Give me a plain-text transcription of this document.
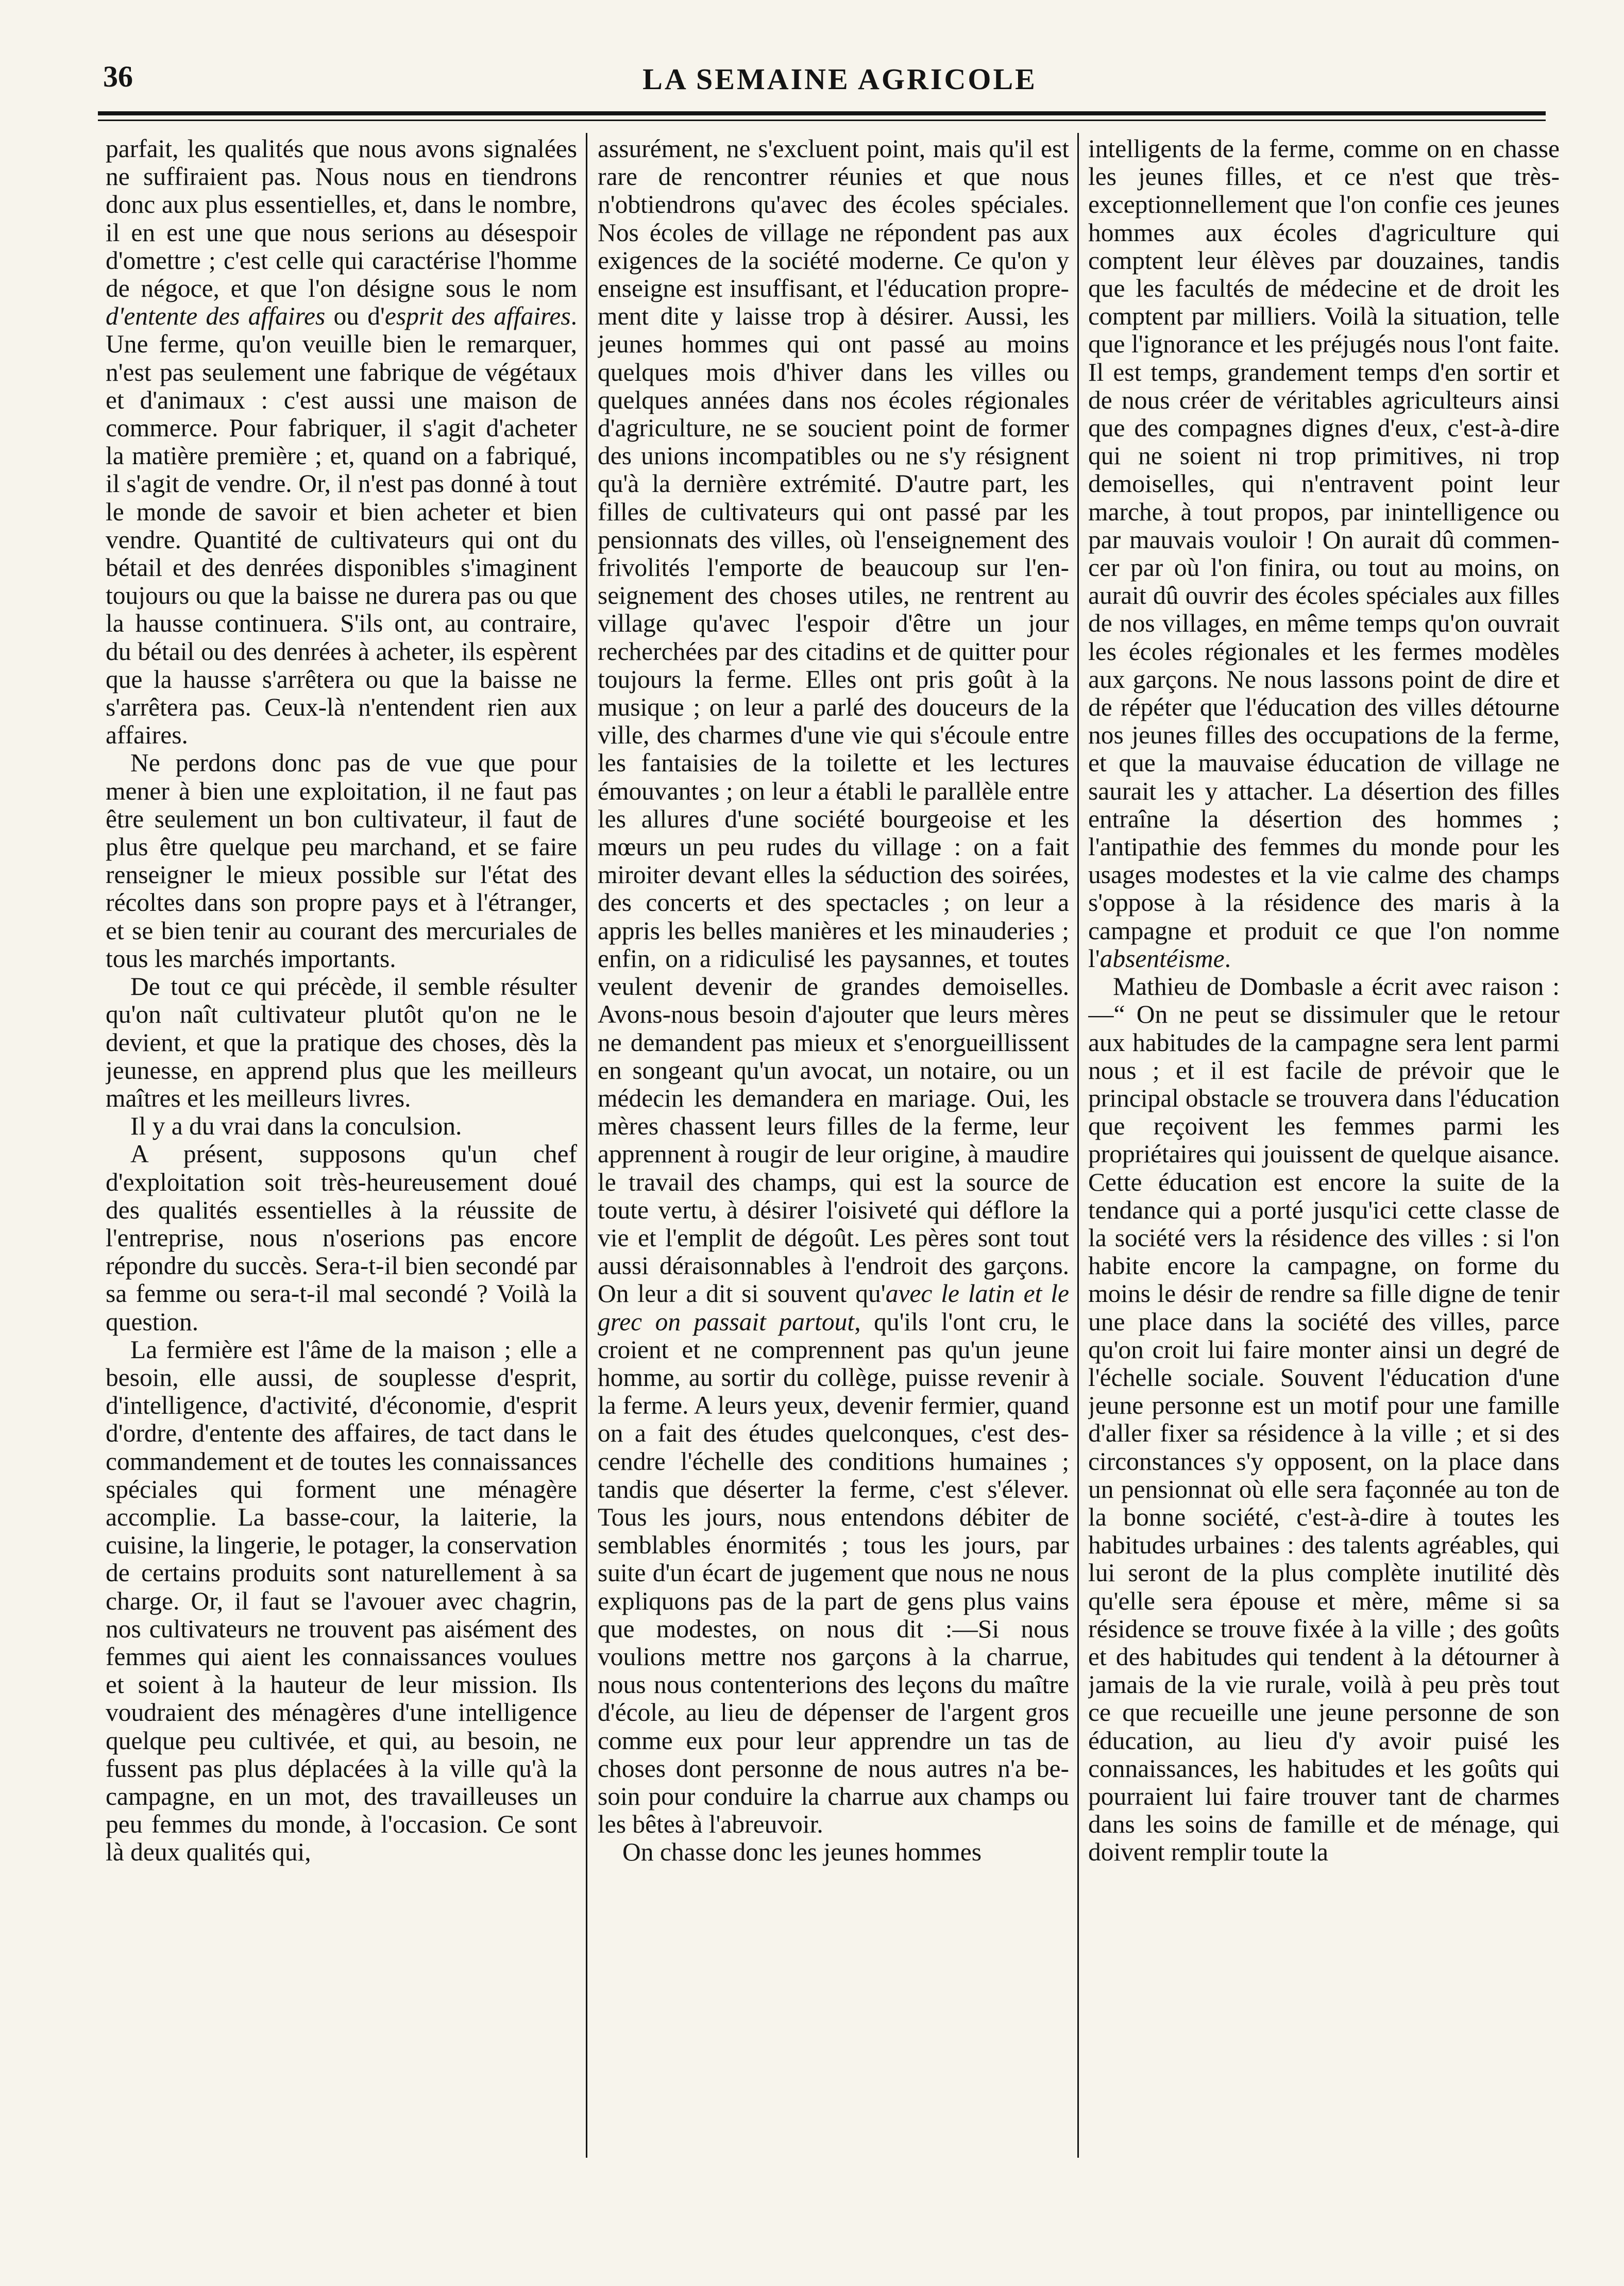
36	LA SEMAINE AGRICOLE

parfait, les qualités que nous avons signalées ne suffiraient pas. Nous nous en tiendrons donc aux plus essentielles, et, dans le nombre, il en est une que nous serions au désespoir d'omettre ; c'est celle qui caractérise l'homme de négoce, et que l'on désigne sous le nom d'entente des affaires ou d'esprit des affaires. Une ferme, qu'on veuille bien le remarquer, n'est pas seulement une fabrique de végétaux et d'animaux : c'est aussi une maison de commerce. Pour fabriquer, il s'agit d'acheter la matière première ; et, quand on a fabriqué, il s'agit de vendre. Or, il n'est pas donné à tout le monde de savoir et bien acheter et bien vendre. Quantité de cultivateurs qui ont du bétail et des denrées disponibles s'imaginent toujours ou que la baisse ne durera pas ou que la hausse continuera. S'ils ont, au contraire, du bétail ou des denrées à acheter, ils espèrent que la hausse s'arrêtera ou que la baisse ne s'arrêtera pas. Ceux-là n'entendent rien aux affaires.

Ne perdons donc pas de vue que pour mener à bien une exploitation, il ne faut pas être seulement un bon cultivateur, il faut de plus être quelque peu marchand, et se faire renseigner le mieux possible sur l'état des récoltes dans son propre pays et à l'étranger, et se bien tenir au courant des mercuriales de tous les marchés importants.

De tout ce qui précède, il semble résulter qu'on naît cultivateur plutôt qu'on ne le devient, et que la pratique des choses, dès la jeunesse, en apprend plus que les meilleurs maîtres et les meilleurs livres.

Il y a du vrai dans la conculsion.

A présent, supposons qu'un chef d'exploitation soit très-heureusement doué des qualités essentielles à la réussite de l'entreprise, nous n'oserions pas encore répondre du succès. Sera-t-il bien secondé par sa femme ou sera-t-il mal secondé ? Voilà la question.

La fermière est l'âme de la maison ; elle a besoin, elle aussi, de souplesse d'esprit, d'intelligence, d'activité, d'économie, d'esprit d'ordre, d'entente des affaires, de tact dans le commandement et de toutes les connaissances spéciales qui forment une ménagère accomplie. La basse-cour, la laiterie, la cuisine, la lingerie, le potager, la conservation de certains produits sont naturellement à sa charge. Or, il faut se l'avouer avec chagrin, nos cultivateurs ne trouvent pas aisément des femmes qui aient les connaissances voulues et soient à la hauteur de leur mission. Ils voudraient des ménagères d'une intelligence quelque peu cultivée, et qui, au besoin, ne fussent pas plus déplacées à la ville qu'à la campagne, en un mot, des travailleuses un peu femmes du monde, à l'occasion. Ce sont là deux qualités qui,

assurément, ne s'excluent point, mais qu'il est rare de rencontrer réunies et que nous n'obtiendrons qu'avec des écoles spéciales. Nos écoles de village ne répondent pas aux exigences de la société moderne. Ce qu'on y enseigne est insuffisant, et l'éducation proprement dite y laisse trop à désirer. Aussi, les jeunes hommes qui ont passé au moins quelques mois d'hiver dans les villes ou quelques années dans nos écoles régionales d'agriculture, ne se soucient point de former des unions incompatibles ou ne s'y résignent qu'à la dernière extrémité. D'autre part, les filles de cultivateurs qui ont passé par les pensionnats des villes, où l'enseignement des frivolités l'emporte de beaucoup sur l'enseignement des choses utiles, ne rentrent au village qu'avec l'espoir d'être un jour recherchées par des citadins et de quitter pour toujours la ferme. Elles ont pris goût à la musique ; on leur a parlé des douceurs de la ville, des charmes d'une vie qui s'écoule entre les fantaisies de la toilette et les lectures émouvantes ; on leur a établi le parallèle entre les allures d'une société bourgeoise et les mœurs un peu rudes du village : on a fait miroiter devant elles la séduction des soirées, des concerts et des spectacles ; on leur a appris les belles manières et les minauderies ; enfin, on a ridiculisé les paysannes, et toutes veulent devenir de grandes demoiselles. Avons-nous besoin d'ajouter que leurs mères ne demandent pas mieux et s'enorgueillissent en songeant qu'un avocat, un notaire, ou un médecin les demandera en mariage. Oui, les mères chassent leurs filles de la ferme, leur apprennent à rougir de leur origine, à maudire le travail des champs, qui est la source de toute vertu, à désirer l'oisiveté qui déflore la vie et l'emplit de dégoût. Les pères sont tout aussi déraisonnables à l'endroit des garçons. On leur a dit si souvent qu'avec le latin et le grec on passait partout, qu'ils l'ont cru, le croient et ne comprennent pas qu'un jeune homme, au sortir du collège, puisse revenir à la ferme. A leurs yeux, devenir fermier, quand on a fait des études quelconques, c'est descendre l'échelle des conditions humaines ; tandis que déserter la ferme, c'est s'élever. Tous les jours, nous entendons débiter de semblables énormités ; tous les jours, par suite d'un écart de jugement que nous ne nous expliquons pas de la part de gens plus vains que modestes, on nous dit :—Si nous voulions mettre nos garçons à la charrue, nous nous contenterions des leçons du maître d'école, au lieu de dépenser de l'argent gros comme eux pour leur apprendre un tas de choses dont personne de nous autres n'a besoin pour conduire la charrue aux champs ou les bêtes à l'abreuvoir.

On chasse donc les jeunes hommes

intelligents de la ferme, comme on en chasse les jeunes filles, et ce n'est que très-exceptionnellement que l'on confie ces jeunes hommes aux écoles d'agriculture qui comptent leur élèves par douzaines, tandis que les facultés de médecine et de droit les comptent par milliers. Voilà la situation, telle que l'ignorance et les préjugés nous l'ont faite. Il est temps, grandement temps d'en sortir et de nous créer de véritables agriculteurs ainsi que des compagnes dignes d'eux, c'est-à-dire qui ne soient ni trop primitives, ni trop demoiselles, qui n'entravent point leur marche, à tout propos, par inintelligence ou par mauvais vouloir ! On aurait dû commencer par où l'on finira, ou tout au moins, on aurait dû ouvrir des écoles spéciales aux filles de nos villages, en même temps qu'on ouvrait les écoles régionales et les fermes modèles aux garçons. Ne nous lassons point de dire et de répéter que l'éducation des villes détourne nos jeunes filles des occupations de la ferme, et que la mauvaise éducation de village ne saurait les y attacher. La désertion des filles entraîne la désertion des hommes ; l'antipathie des femmes du monde pour les usages modestes et la vie calme des champs s'oppose à la résidence des maris à la campagne et produit ce que l'on nomme l'absentéisme.

Mathieu de Dombasle a écrit avec raison :—“ On ne peut se dissimuler que le retour aux habitudes de la campagne sera lent parmi nous ; et il est facile de prévoir que le principal obstacle se trouvera dans l'éducation que reçoivent les femmes parmi les propriétaires qui jouissent de quelque aisance. Cette éducation est encore la suite de la tendance qui a porté jusqu'ici cette classe de la société vers la résidence des villes : si l'on habite encore la campagne, on forme du moins le désir de rendre sa fille digne de tenir une place dans la société des villes, parce qu'on croit lui faire monter ainsi un degré de l'échelle sociale. Souvent l'éducation d'une jeune personne est un motif pour une famille d'aller fixer sa résidence à la ville ; et si des circonstances s'y opposent, on la place dans un pensionnat où elle sera façonnée au ton de la bonne société, c'est-à-dire à toutes les habitudes urbaines : des talents agréables, qui lui seront de la plus complète inutilité dès qu'elle sera épouse et mère, même si sa résidence se trouve fixée à la ville ; des goûts et des habitudes qui tendent à la détourner à jamais de la vie rurale, voilà à peu près tout ce que recueille une jeune personne de son éducation, au lieu d'y avoir puisé les connaissances, les habitudes et les goûts qui pourraient lui faire trouver tant de charmes dans les soins de famille et de ménage, qui doivent remplir toute la
